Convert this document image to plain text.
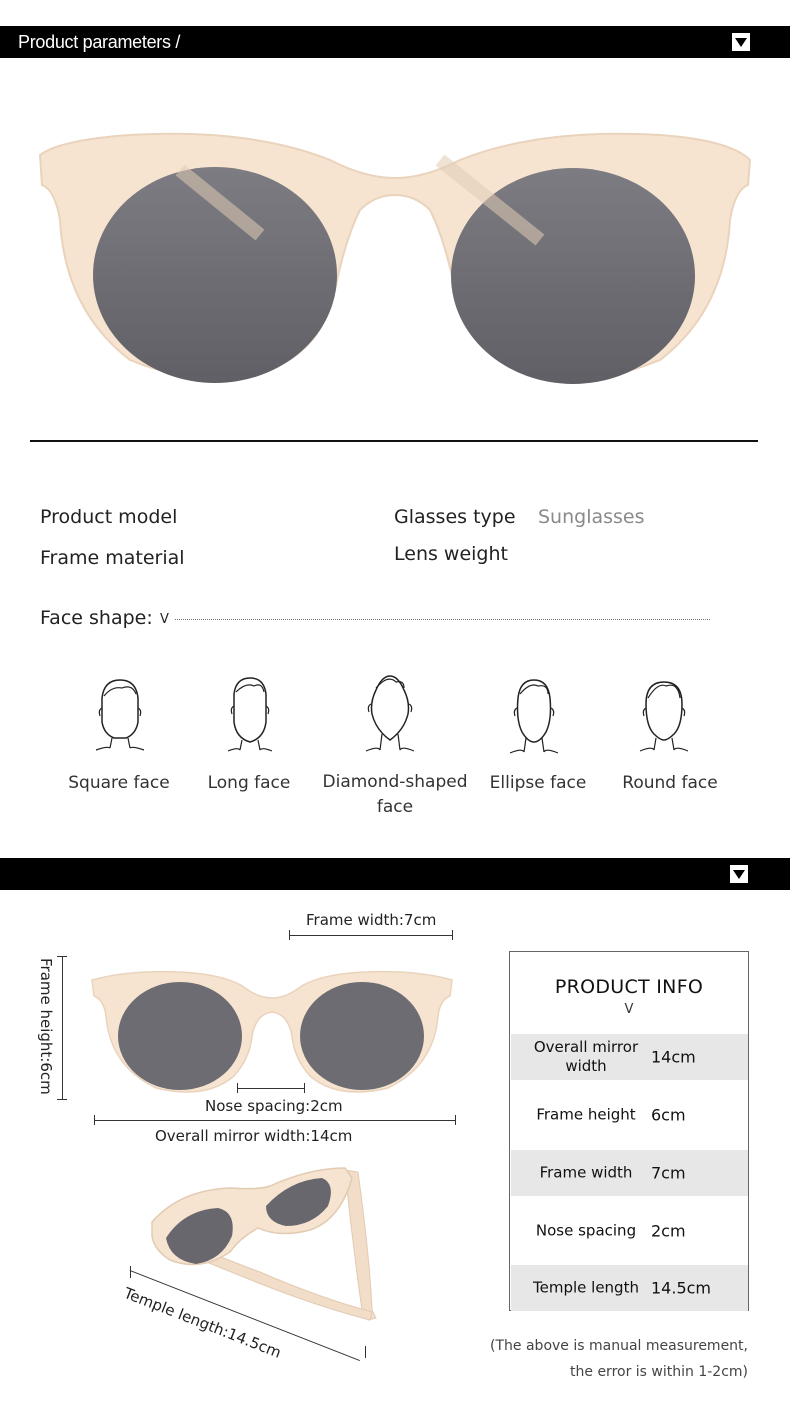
Product parameters /
Product model
Frame material
Glasses type Sunglasses
Lens weight
Face shape: V
Square face	Long face	Diamond-shaped face
Ellipse face	Round face
Frame width:7cm
Frame height:6cm
Nose spacing:2cm
Overall mirror width:14cm
Temple length:14.5cm
PRODUCT INFO
V
Overall mirror width	14cm
Frame height 6cm
Frame width	7cm
Nose spacing 2cm
Temple length 14.5cm
(The above is manual measurement,
the error is within 1-2cm)
